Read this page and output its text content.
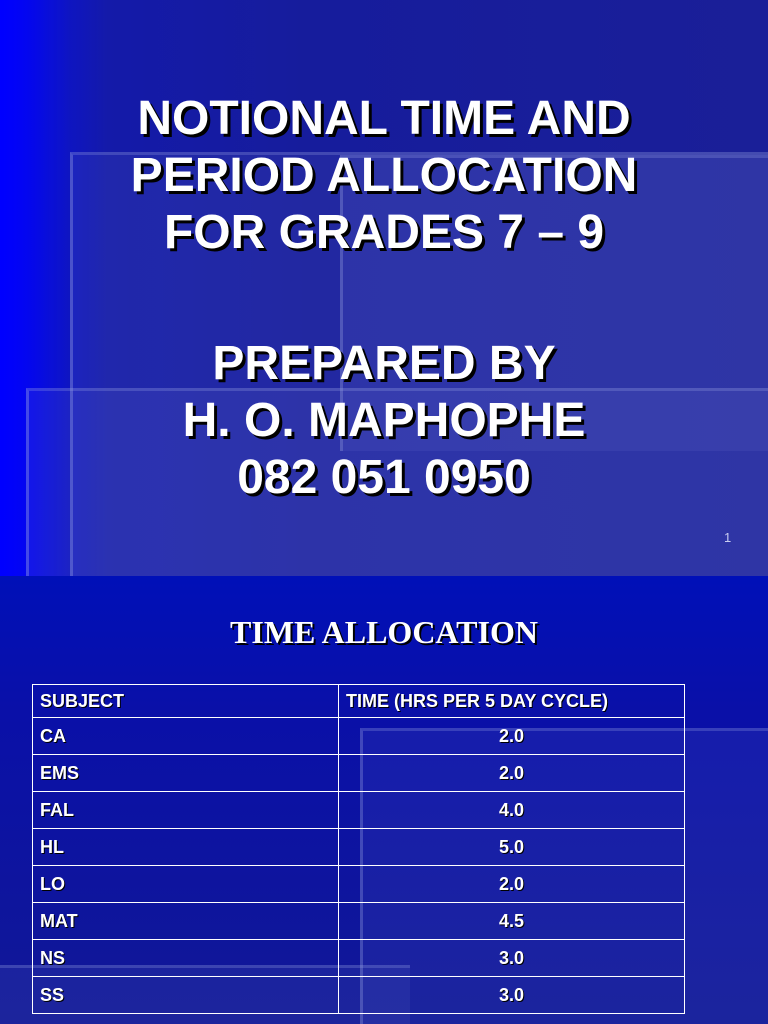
NOTIONAL TIME AND
PERIOD ALLOCATION
FOR GRADES 7 – 9
PREPARED BY
H. O. MAPHOPHE
082 051 0950
1
TIME ALLOCATION
SUBJECT	TIME (HRS PER 5 DAY CYCLE)
CA	2.0
EMS	2.0
FAL	4.0
HL	5.0
LO	2.0
MAT	4.5
NS	3.0
SS	3.0
